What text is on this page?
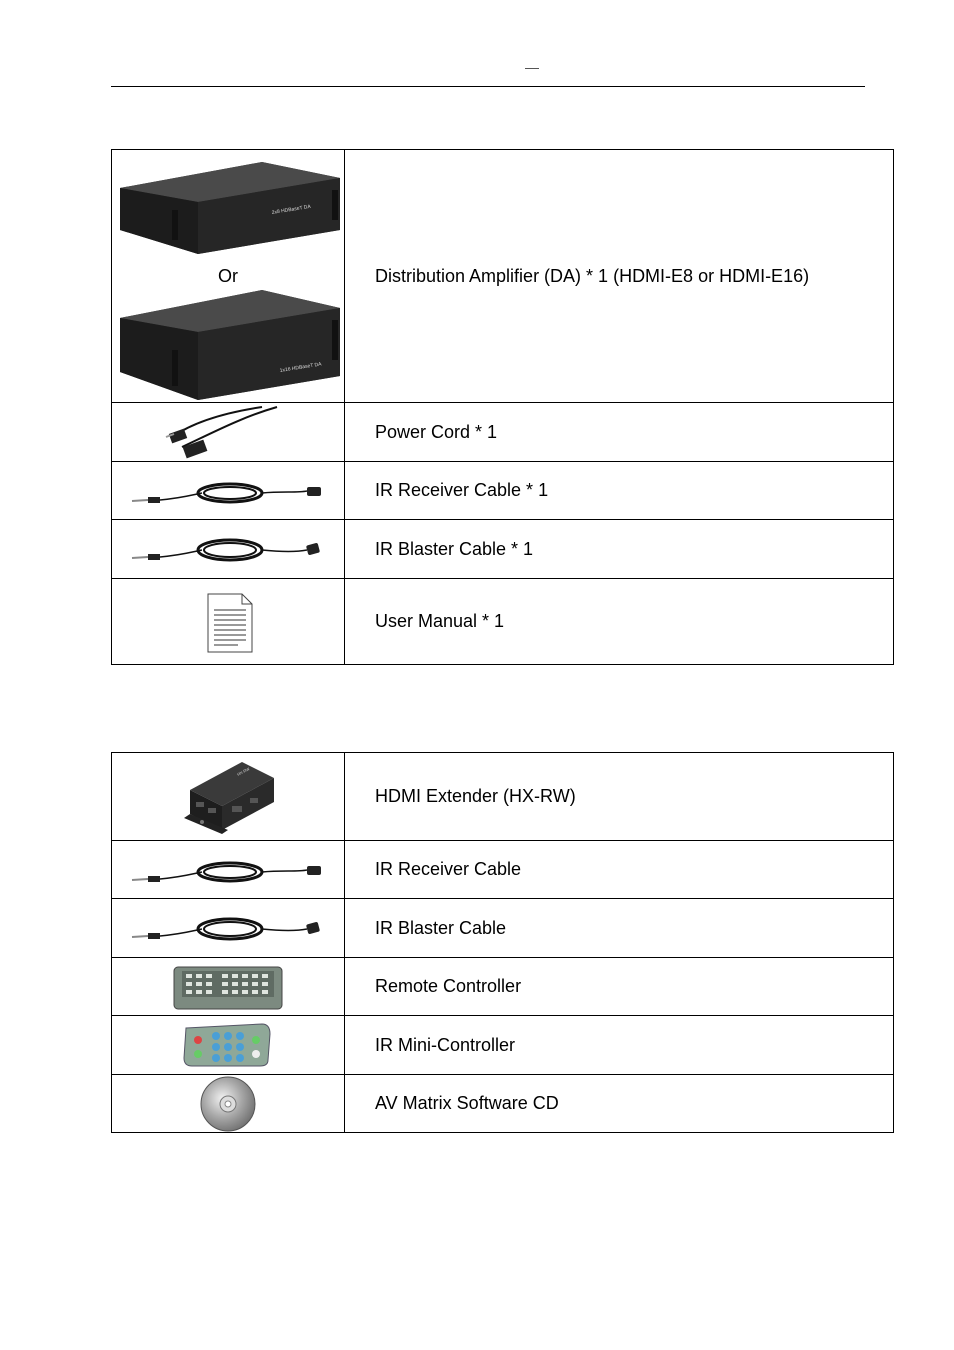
2x8 HDBaseT DA
Or
1x16 HDBaseT DA	Distribution Amplifier (DA) * 1 (HDMI-E8 or HDMI-E16)

	Power Cord * 1

	IR Receiver Cable * 1

	IR Blaster Cable * 1

	User Manual * 1
HX-RW	HDMI Extender (HX-RW)

	IR Receiver Cable

	IR Blaster Cable

	Remote Controller

	IR Mini-Controller

	AV Matrix Software CD
